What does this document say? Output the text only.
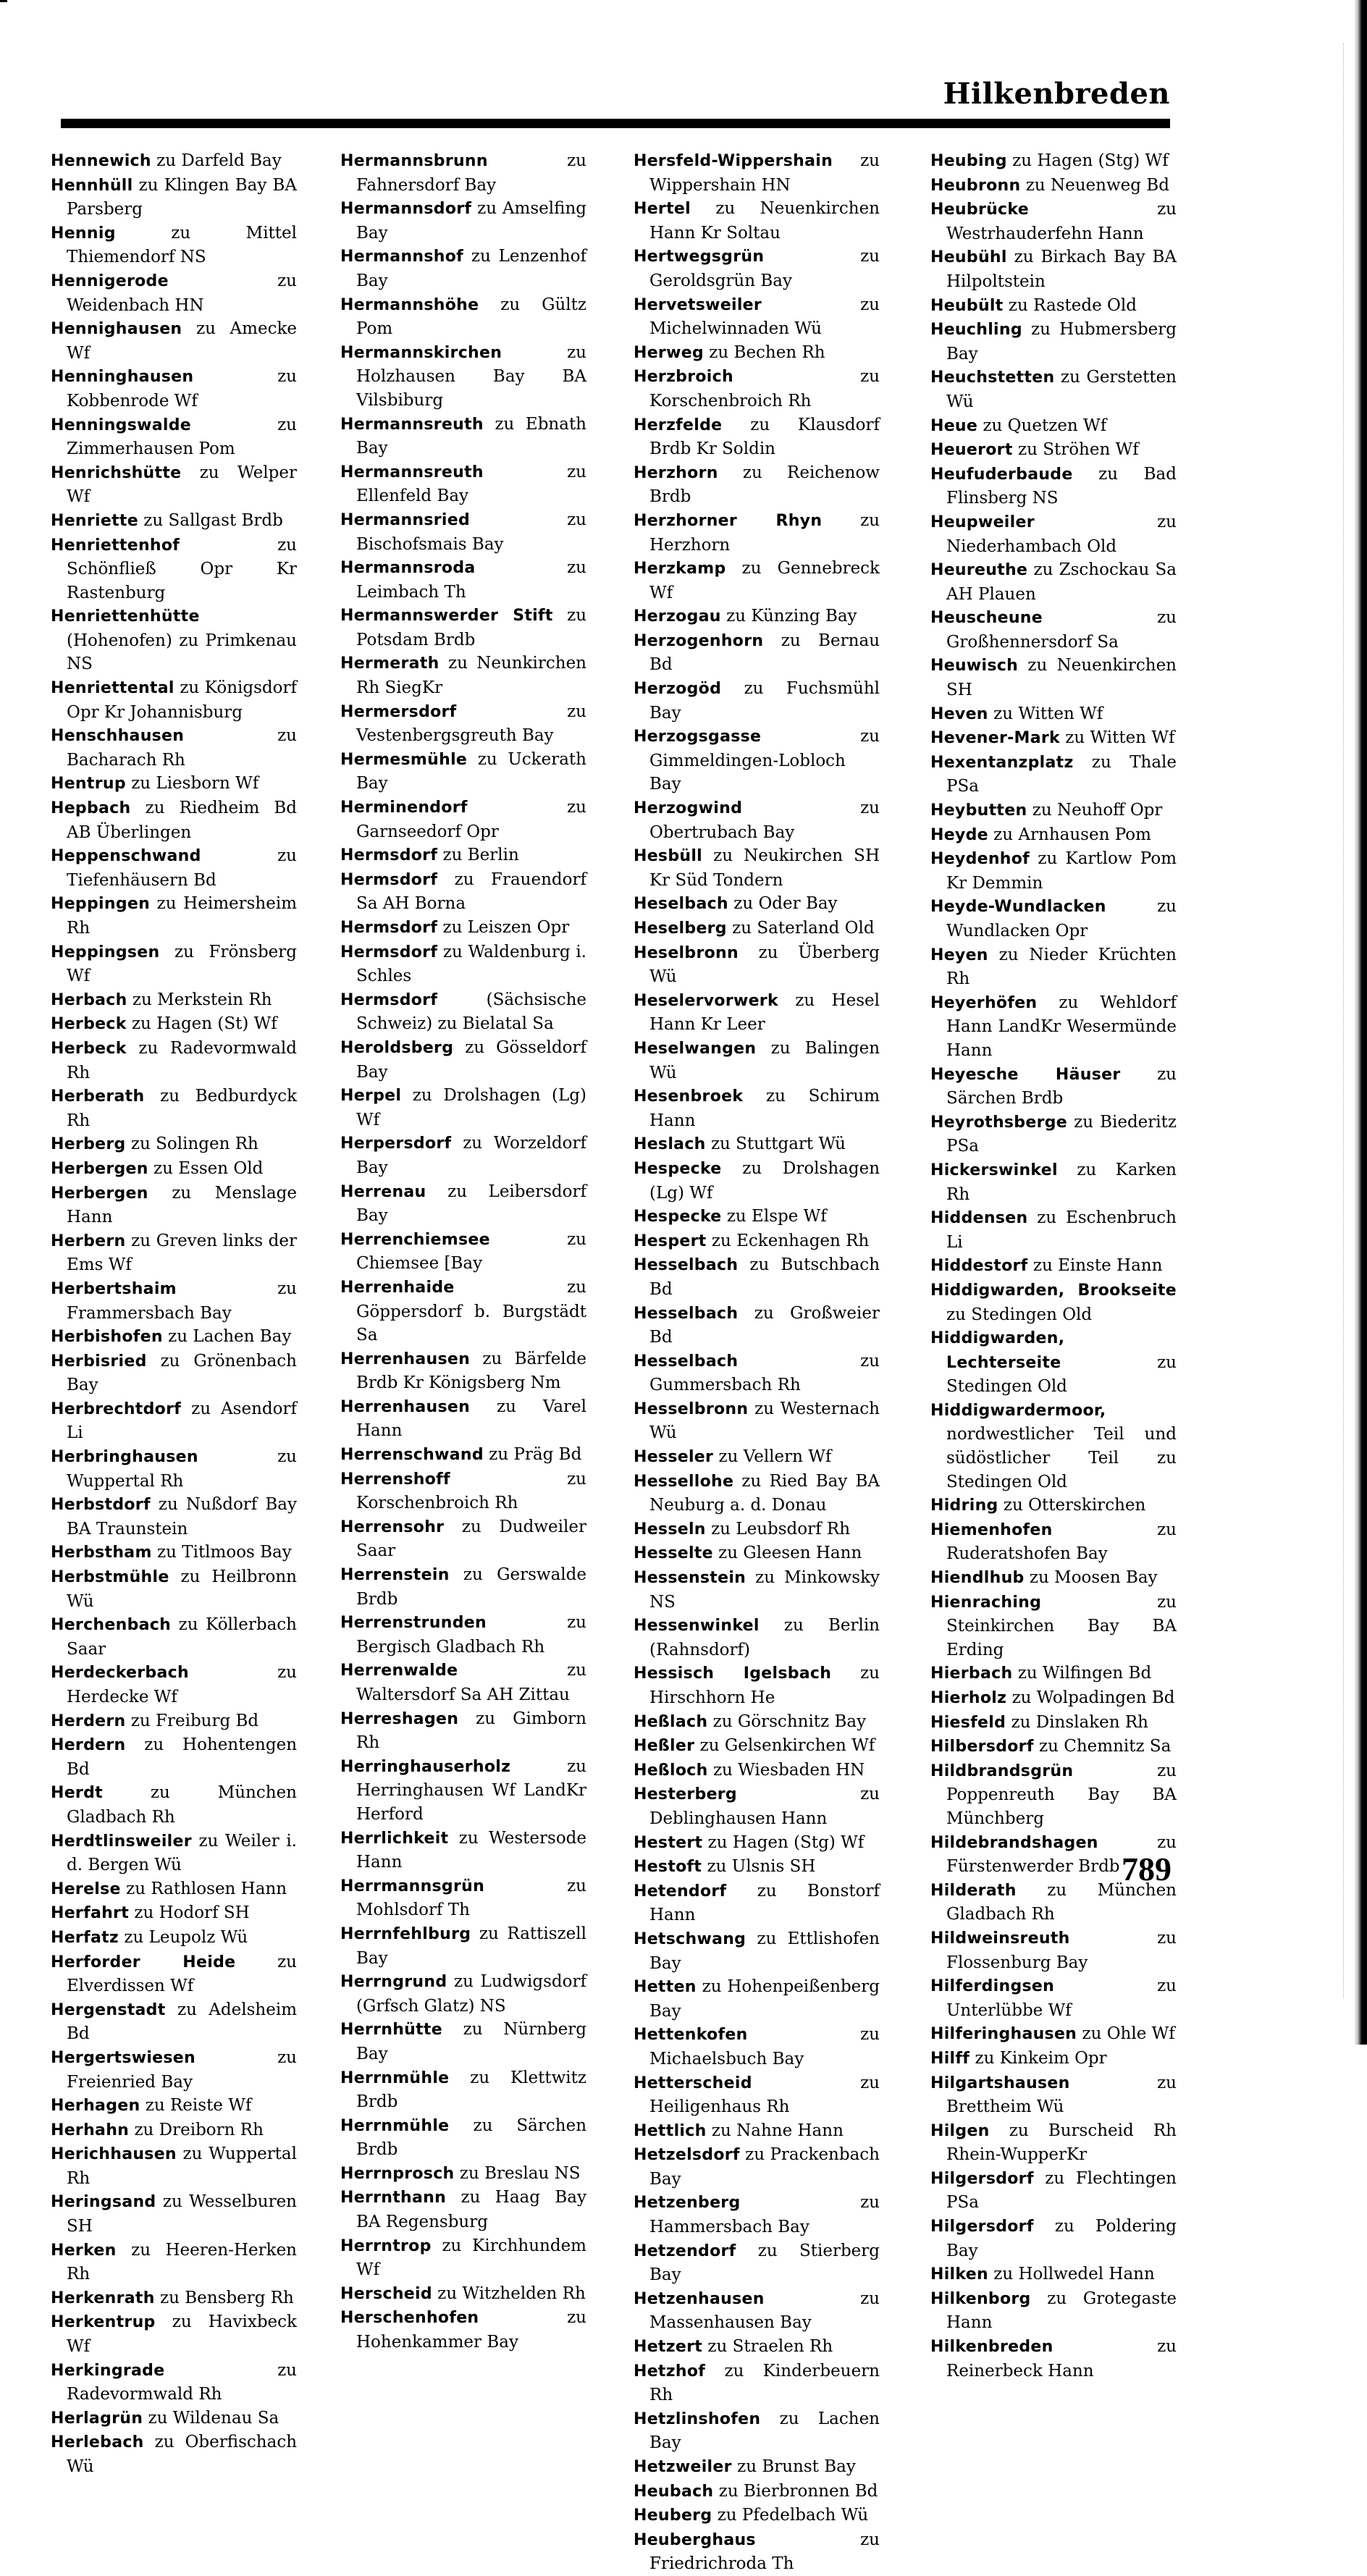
Hilkenbreden

Hennewich zu Darfeld Bay

Hennhüll zu Klingen Bay BA Parsberg

Hennig	zu Mittel Thiemendorf NS

Hennigerode	zu Weidenbach HN

Hennighausen zu Amecke Wf

Henninghausen	zu Kobbenrode Wf

Henningswalde	zu Zimmerhausen Pom

Henrichshütte zu Welper Wf

Henriette zu Sallgast Brdb

Henriettenhof	zu Schönfließ Opr Kr Rastenburg

Henriettenhütte (Hohenofen) zu Primkenau NS

Henriettental zu Königsdorf Opr Kr Johannisburg

Henschhausen	zu Bacharach Rh

Hentrup zu Liesborn Wf

Hepbach zu Riedheim Bd AB Überlingen

Heppenschwand	zu Tiefenhäusern Bd

Heppingen zu Heimersheim Rh

Heppingsen zu Frönsberg Wf

Herbach zu Merkstein Rh

Herbeck zu Hagen (St) Wf

Herbeck zu Radevormwald Rh

Herberath zu Bedburdyck Rh

Herberg zu Solingen Rh

Herbergen zu Essen Old

Herbergen zu Menslage Hann

Herbern zu Greven links der Ems Wf

Herbertshaim	zu Frammersbach Bay

Herbishofen zu Lachen Bay

Herbisried zu Grönenbach Bay

Herbrechtdorf zu Asendorf Li

Herbringhausen	zu Wuppertal Rh

Herbstdorf zu Nußdorf Bay BA Traunstein

Herbstham zu Titlmoos Bay

Herbstmühle zu Heilbronn Wü

Herchenbach zu Köllerbach Saar

Herdeckerbach	zu Herdecke Wf

Herdern zu Freiburg Bd

Herdern zu Hohentengen Bd

Herdt	zu München Gladbach Rh

Herdtlinsweiler zu Weiler i. d. Bergen Wü

Herelse zu Rathlosen Hann

Herfahrt zu Hodorf SH

Herfatz zu Leupolz Wü

Herforder Heide	zu Elverdissen Wf

Hergenstadt zu Adelsheim Bd

Hergertswiesen	zu Freienried Bay

Herhagen zu Reiste Wf

Herhahn zu Dreiborn Rh

Herichhausen zu Wuppertal Rh

Heringsand zu Wesselburen SH

Herken zu Heeren-Herken Rh

Herkenrath zu Bensberg Rh

Herkentrup zu Havixbeck Wf

Herkingrade	zu Radevormwald Rh

Herlagrün zu Wildenau Sa

Herlebach zu Oberfischach Wü

Hermannsbrunn	zu Fahnersdorf Bay

Hermannsdorf zu Amselfing Bay

Hermannshof zu Lenzenhof Bay

Hermannshöhe zu Gültz Pom

Hermannskirchen	zu Holzhausen Bay BA Vilsbiburg

Hermannsreuth zu Ebnath Bay

Hermannsreuth	zu Ellenfeld Bay

Hermannsried	zu Bischofsmais Bay

Hermannsroda	zu Leimbach Th

Hermannswerder Stift zu Potsdam Brdb

Hermerath zu Neunkirchen Rh SiegKr

Hermersdorf	zu Vestenbergsgreuth Bay

Hermesmühle zu Uckerath Bay

Herminendorf	zu Garnseedorf Opr

Hermsdorf zu Berlin

Hermsdorf zu Frauendorf Sa AH Borna

Hermsdorf zu Leiszen Opr

Hermsdorf zu Waldenburg i. Schles

Hermsdorf	(Sächsische Schweiz) zu Bielatal Sa

Heroldsberg zu Gösseldorf Bay

Herpel zu Drolshagen (Lg) Wf

Herpersdorf zu Worzeldorf Bay

Herrenau zu Leibersdorf Bay

Herrenchiemsee	zu Chiemsee [Bay

Herrenhaide	zu Göppersdorf b. Burgstädt Sa

Herrenhausen zu Bärfelde Brdb Kr Königsberg Nm

Herrenhausen zu Varel Hann

Herrenschwand zu Präg Bd

Herrenshoff	zu Korschenbroich Rh

Herrensohr zu Dudweiler Saar

Herrenstein zu Gerswalde Brdb

Herrenstrunden	zu Bergisch Gladbach Rh

Herrenwalde	zu Waltersdorf Sa AH Zittau

Herreshagen zu Gimborn Rh

Herringhauserholz	zu Herringhausen Wf LandKr Herford

Herrlichkeit zu Westersode Hann

Herrmannsgrün	zu Mohlsdorf Th

Herrnfehlburg zu Rattiszell Bay

Herrngrund zu Ludwigsdorf (Grfsch Glatz) NS

Herrnhütte zu Nürnberg Bay

Herrnmühle zu Klettwitz Brdb

Herrnmühle zu Särchen Brdb

Herrnprosch zu Breslau NS

Herrnthann zu Haag Bay BA Regensburg

Herrntrop zu Kirchhundem Wf

Herscheid zu Witzhelden Rh

Herschenhofen	zu Hohenkammer Bay

Hersfeld-Wippershain zu Wippershain HN

Hertel zu Neuenkirchen Hann Kr Soltau

Hertwegsgrün	zu Geroldsgrün Bay

Hervetsweiler	zu Michelwinnaden Wü

Herweg zu Bechen Rh

Herzbroich	zu Korschenbroich Rh

Herzfelde zu Klausdorf Brdb Kr Soldin

Herzhorn zu Reichenow Brdb

Herzhorner Rhyn zu Herzhorn

Herzkamp zu Gennebreck Wf

Herzogau zu Künzing Bay

Herzogenhorn zu Bernau Bd

Herzogöd zu Fuchsmühl Bay

Herzogsgasse	zu Gimmeldingen-Lobloch Bay

Herzogwind	zu Obertrubach Bay

Hesbüll zu Neukirchen SH Kr Süd Tondern

Heselbach zu Oder Bay

Heselberg zu Saterland Old

Heselbronn zu Überberg Wü

Heselervorwerk zu Hesel Hann Kr Leer

Heselwangen zu Balingen Wü

Hesenbroek zu Schirum Hann

Heslach zu Stuttgart Wü

Hespecke zu Drolshagen (Lg) Wf

Hespecke zu Elspe Wf

Hespert zu Eckenhagen Rh

Hesselbach zu Butschbach Bd

Hesselbach zu Großweier Bd

Hesselbach	zu Gummersbach Rh

Hesselbronn zu Westernach Wü

Hesseler zu Vellern Wf

Hessellohe zu Ried Bay BA Neuburg a. d. Donau

Hesseln zu Leubsdorf Rh

Hesselte zu Gleesen Hann

Hessenstein zu Minkowsky NS

Hessenwinkel zu Berlin (Rahnsdorf)

Hessisch Igelsbach zu Hirschhorn He

Heßlach zu Görschnitz Bay

Heßler zu Gelsenkirchen Wf

Heßloch zu Wiesbaden HN

Hesterberg	zu Deblinghausen Hann

Hestert zu Hagen (Stg) Wf

Hestoft zu Ulsnis SH

Hetendorf zu Bonstorf Hann

Hetschwang zu Ettlishofen Bay

Hetten zu Hohenpeißenberg Bay

Hettenkofen	zu Michaelsbuch Bay

Hetterscheid	zu Heiligenhaus Rh

Hettlich zu Nahne Hann

Hetzelsdorf zu Prackenbach Bay

Hetzenberg	zu Hammersbach Bay

Hetzendorf zu Stierberg Bay

Hetzenhausen	zu Massenhausen Bay

Hetzert zu Straelen Rh

Hetzhof zu Kinderbeuern Rh

Hetzlinshofen zu Lachen Bay

Hetzweiler zu Brunst Bay

Heubach zu Bierbronnen Bd

Heuberg zu Pfedelbach Wü

Heuberghaus	zu Friedrichroda Th

Heubing zu Hagen (Stg) Wf

Heubronn zu Neuenweg Bd

Heubrücke	zu Westrhauderfehn Hann

Heubühl zu Birkach Bay BA Hilpoltstein

Heubült zu Rastede Old

Heuchling zu Hubmersberg Bay

Heuchstetten zu Gerstetten Wü

Heue zu Quetzen Wf

Heuerort zu Ströhen Wf

Heufuderbaude zu Bad Flinsberg NS

Heupweiler	zu Niederhambach Old

Heureuthe zu Zschockau Sa AH Plauen

Heuscheune	zu Großhennersdorf Sa

Heuwisch zu Neuenkirchen SH

Heven zu Witten Wf

Hevener-Mark zu Witten Wf

Hexentanzplatz zu Thale PSa

Heybutten zu Neuhoff Opr

Heyde zu Arnhausen Pom

Heydenhof zu Kartlow Pom Kr Demmin

Heyde-Wundlacken	zu Wundlacken Opr

Heyen zu Nieder Krüchten Rh

Heyerhöfen zu Wehldorf Hann LandKr Wesermünde Hann

Heyesche Häuser zu Särchen Brdb

Heyrothsberge zu Biederitz PSa

Hickerswinkel zu Karken Rh

Hiddensen zu Eschenbruch Li

Hiddestorf zu Einste Hann

Hiddigwarden, Brookseite zu Stedingen Old

Hiddigwarden, Lechterseite	zu Stedingen Old

Hiddigwardermoor, nordwestlicher Teil und südöstlicher Teil zu Stedingen Old

Hidring zu Otterskirchen

Hiemenhofen	zu Ruderatshofen Bay

Hiendlhub zu Moosen Bay

Hienraching	zu Steinkirchen Bay BA Erding

Hierbach zu Wilfingen Bd

Hierholz zu Wolpadingen Bd

Hiesfeld zu Dinslaken Rh

Hilbersdorf zu Chemnitz Sa

Hildbrandsgrün	zu Poppenreuth Bay BA Münchberg

Hildebrandshagen	zu Fürstenwerder Brdb

Hilderath zu München Gladbach Rh

Hildweinsreuth	zu Flossenburg Bay

Hilferdingsen	zu Unterlübbe Wf

Hilferinghausen zu Ohle Wf

Hilff zu Kinkeim Opr

Hilgartshausen	zu Brettheim Wü

Hilgen zu Burscheid Rh Rhein-WupperKr

Hilgersdorf zu Flechtingen PSa

Hilgersdorf zu Poldering Bay

Hilken zu Hollwedel Hann

Hilkenborg zu Grotegaste Hann

Hilkenbreden	zu Reinerbeck Hann

789
